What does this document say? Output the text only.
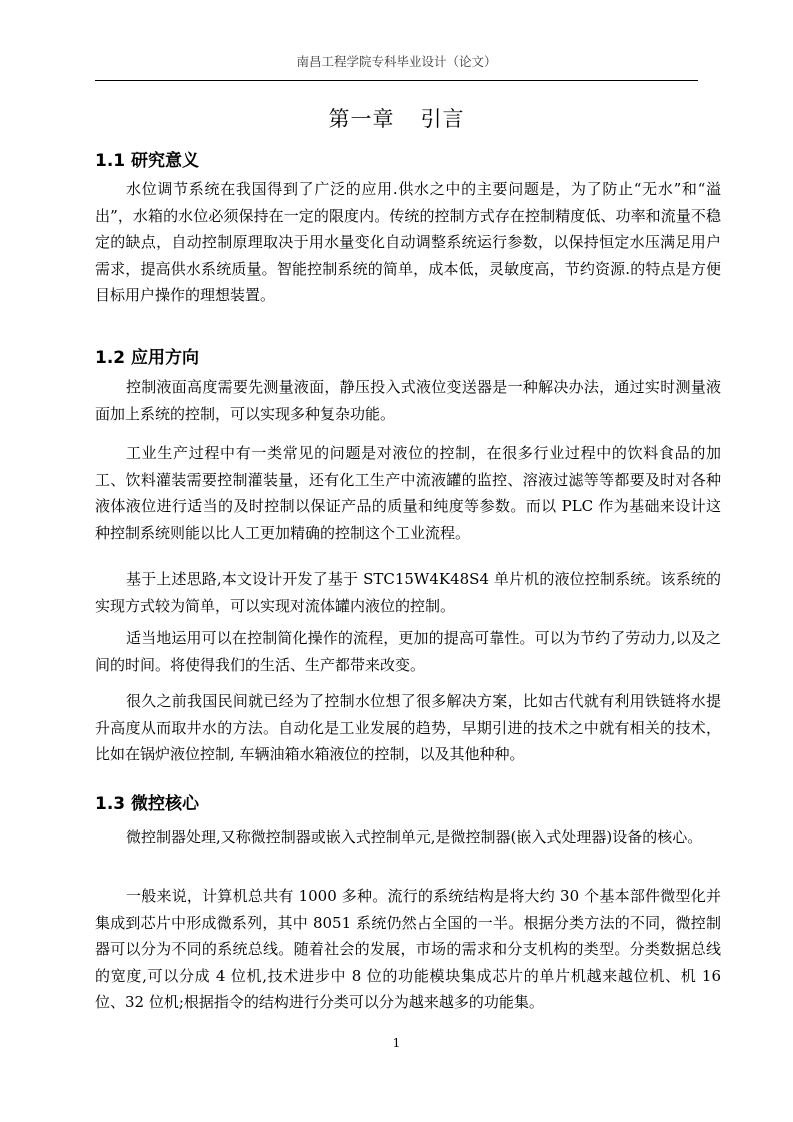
南昌工程学院专科毕业设计（论文）
第一章 引言
1.1 研究意义

水位调节系统在我国得到了广泛的应用.供水之中的主要问题是，为了防止“无水”和“溢出”，水箱的水位必须保持在一定的限度内。传统的控制方式存在控制精度低、功率和流量不稳定的缺点，自动控制原理取决于用水量变化自动调整系统运行参数，以保持恒定水压满足用户需求，提高供水系统质量。智能控制系统的简单，成本低，灵敏度高，节约资源.的特点是方便目标用户操作的理想装置。

1.2 应用方向

控制液面高度需要先测量液面，静压投入式液位变送器是一种解决办法，通过实时测量液面加上系统的控制，可以实现多种复杂功能。

工业生产过程中有一类常见的问题是对液位的控制，在很多行业过程中的饮料食品的加工、饮料灌装需要控制灌装量，还有化工生产中流液罐的监控、溶液过滤等等都要及时对各种液体液位进行适当的及时控制以保证产品的质量和纯度等参数。而以 PLC 作为基础来设计这种控制系统则能以比人工更加精确的控制这个工业流程。

基于上述思路,本文设计开发了基于 STC15W4K48S4 单片机的液位控制系统。该系统的实现方式较为简单，可以实现对流体罐内液位的控制。

适当地运用可以在控制简化操作的流程，更加的提高可靠性。可以为节约了劳动力,以及之间的时间。将使得我们的生活、生产都带来改变。

很久之前我国民间就已经为了控制水位想了很多解决方案，比如古代就有利用铁链将水提升高度从而取井水的方法。自动化是工业发展的趋势，早期引进的技术之中就有相关的技术，比如在锅炉液位控制, 车辆油箱水箱液位的控制，以及其他种种。

1.3 微控核心

微控制器处理,又称微控制器或嵌入式控制单元,是微控制器(嵌入式处理器)设备的核心。

一般来说，计算机总共有 1000 多种。流行的系统结构是将大约 30 个基本部件微型化并集成到芯片中形成微系列，其中 8051 系统仍然占全国的一半。根据分类方法的不同，微控制器可以分为不同的系统总线。随着社会的发展，市场的需求和分支机构的类型。分类数据总线的宽度,可以分成 4 位机,技术进步中 8 位的功能模块集成芯片的单片机越来越位机、机 16 位、32 位机;根据指令的结构进行分类可以分为越来越多的功能集。

1
